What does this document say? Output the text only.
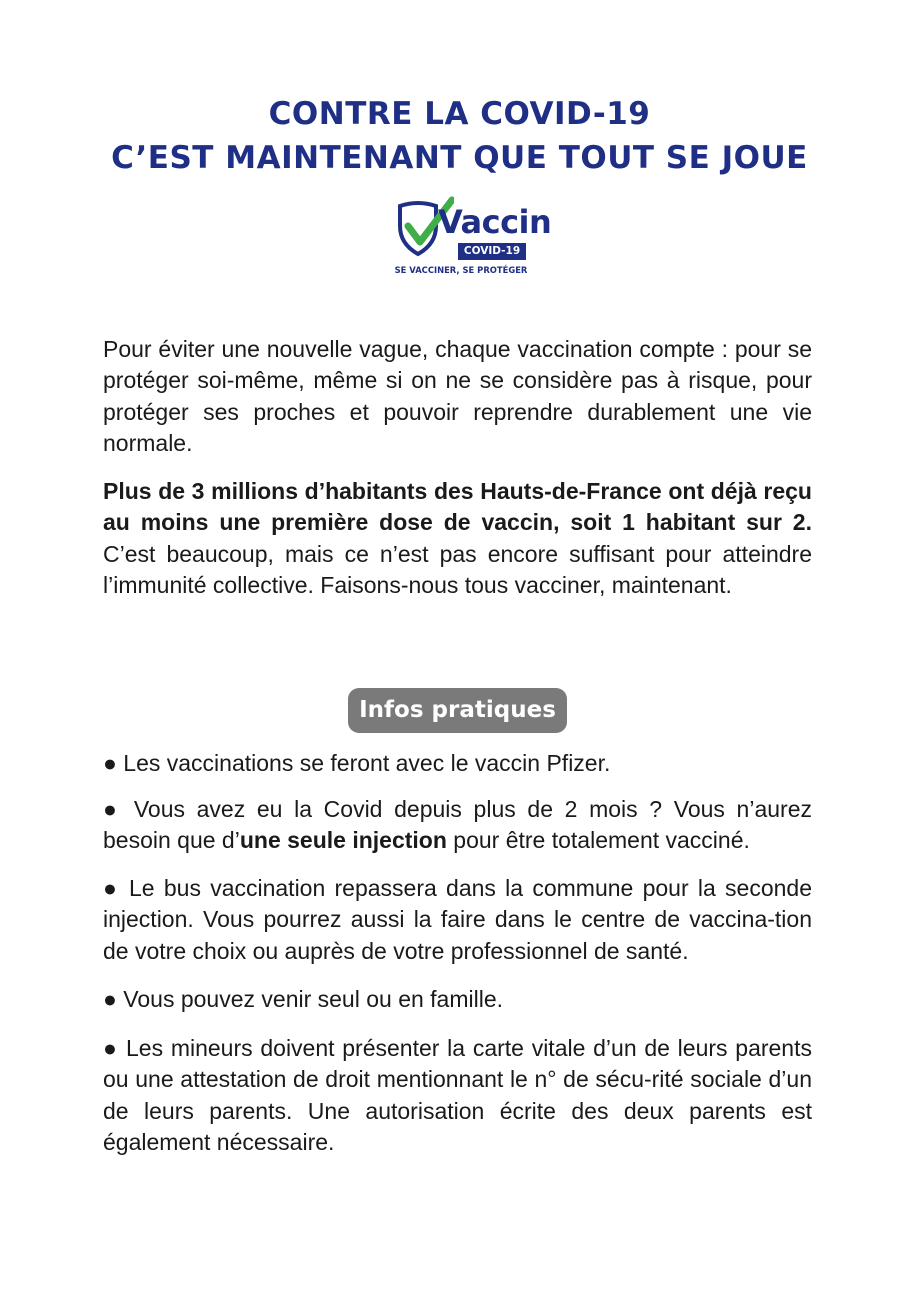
CONTRE LA COVID-19
C’EST MAINTENANT QUE TOUT SE JOUE
Vaccin
COVID-19
SE VACCINER, SE PROTÉGER

Pour éviter une nouvelle vague, chaque vaccination compte : pour se protéger soi-même, même si on ne se considère pas à risque, pour protéger ses proches et pouvoir reprendre durablement une vie normale.

Plus de 3 millions d’habitants des Hauts-de-France ont déjà reçu au moins une première dose de vaccin, soit 1 habitant sur 2. C’est beaucoup, mais ce n’est pas encore suffisant pour atteindre l’immunité collective. Faisons-nous tous vacciner, maintenant.

Infos pratiques

● Les vaccinations se feront avec le vaccin Pfizer.

● Vous avez eu la Covid depuis plus de 2 mois ? Vous n’aurez besoin que d’une seule injection pour être totalement vacciné.

● Le bus vaccination repassera dans la commune pour la seconde injection. Vous pourrez aussi la faire dans le centre de vaccina-tion de votre choix ou auprès de votre professionnel de santé.

● Vous pouvez venir seul ou en famille.

● Les mineurs doivent présenter la carte vitale d’un de leurs parents ou une attestation de droit mentionnant le n° de sécu-rité sociale d’un de leurs parents. Une autorisation écrite des deux parents est également nécessaire.
